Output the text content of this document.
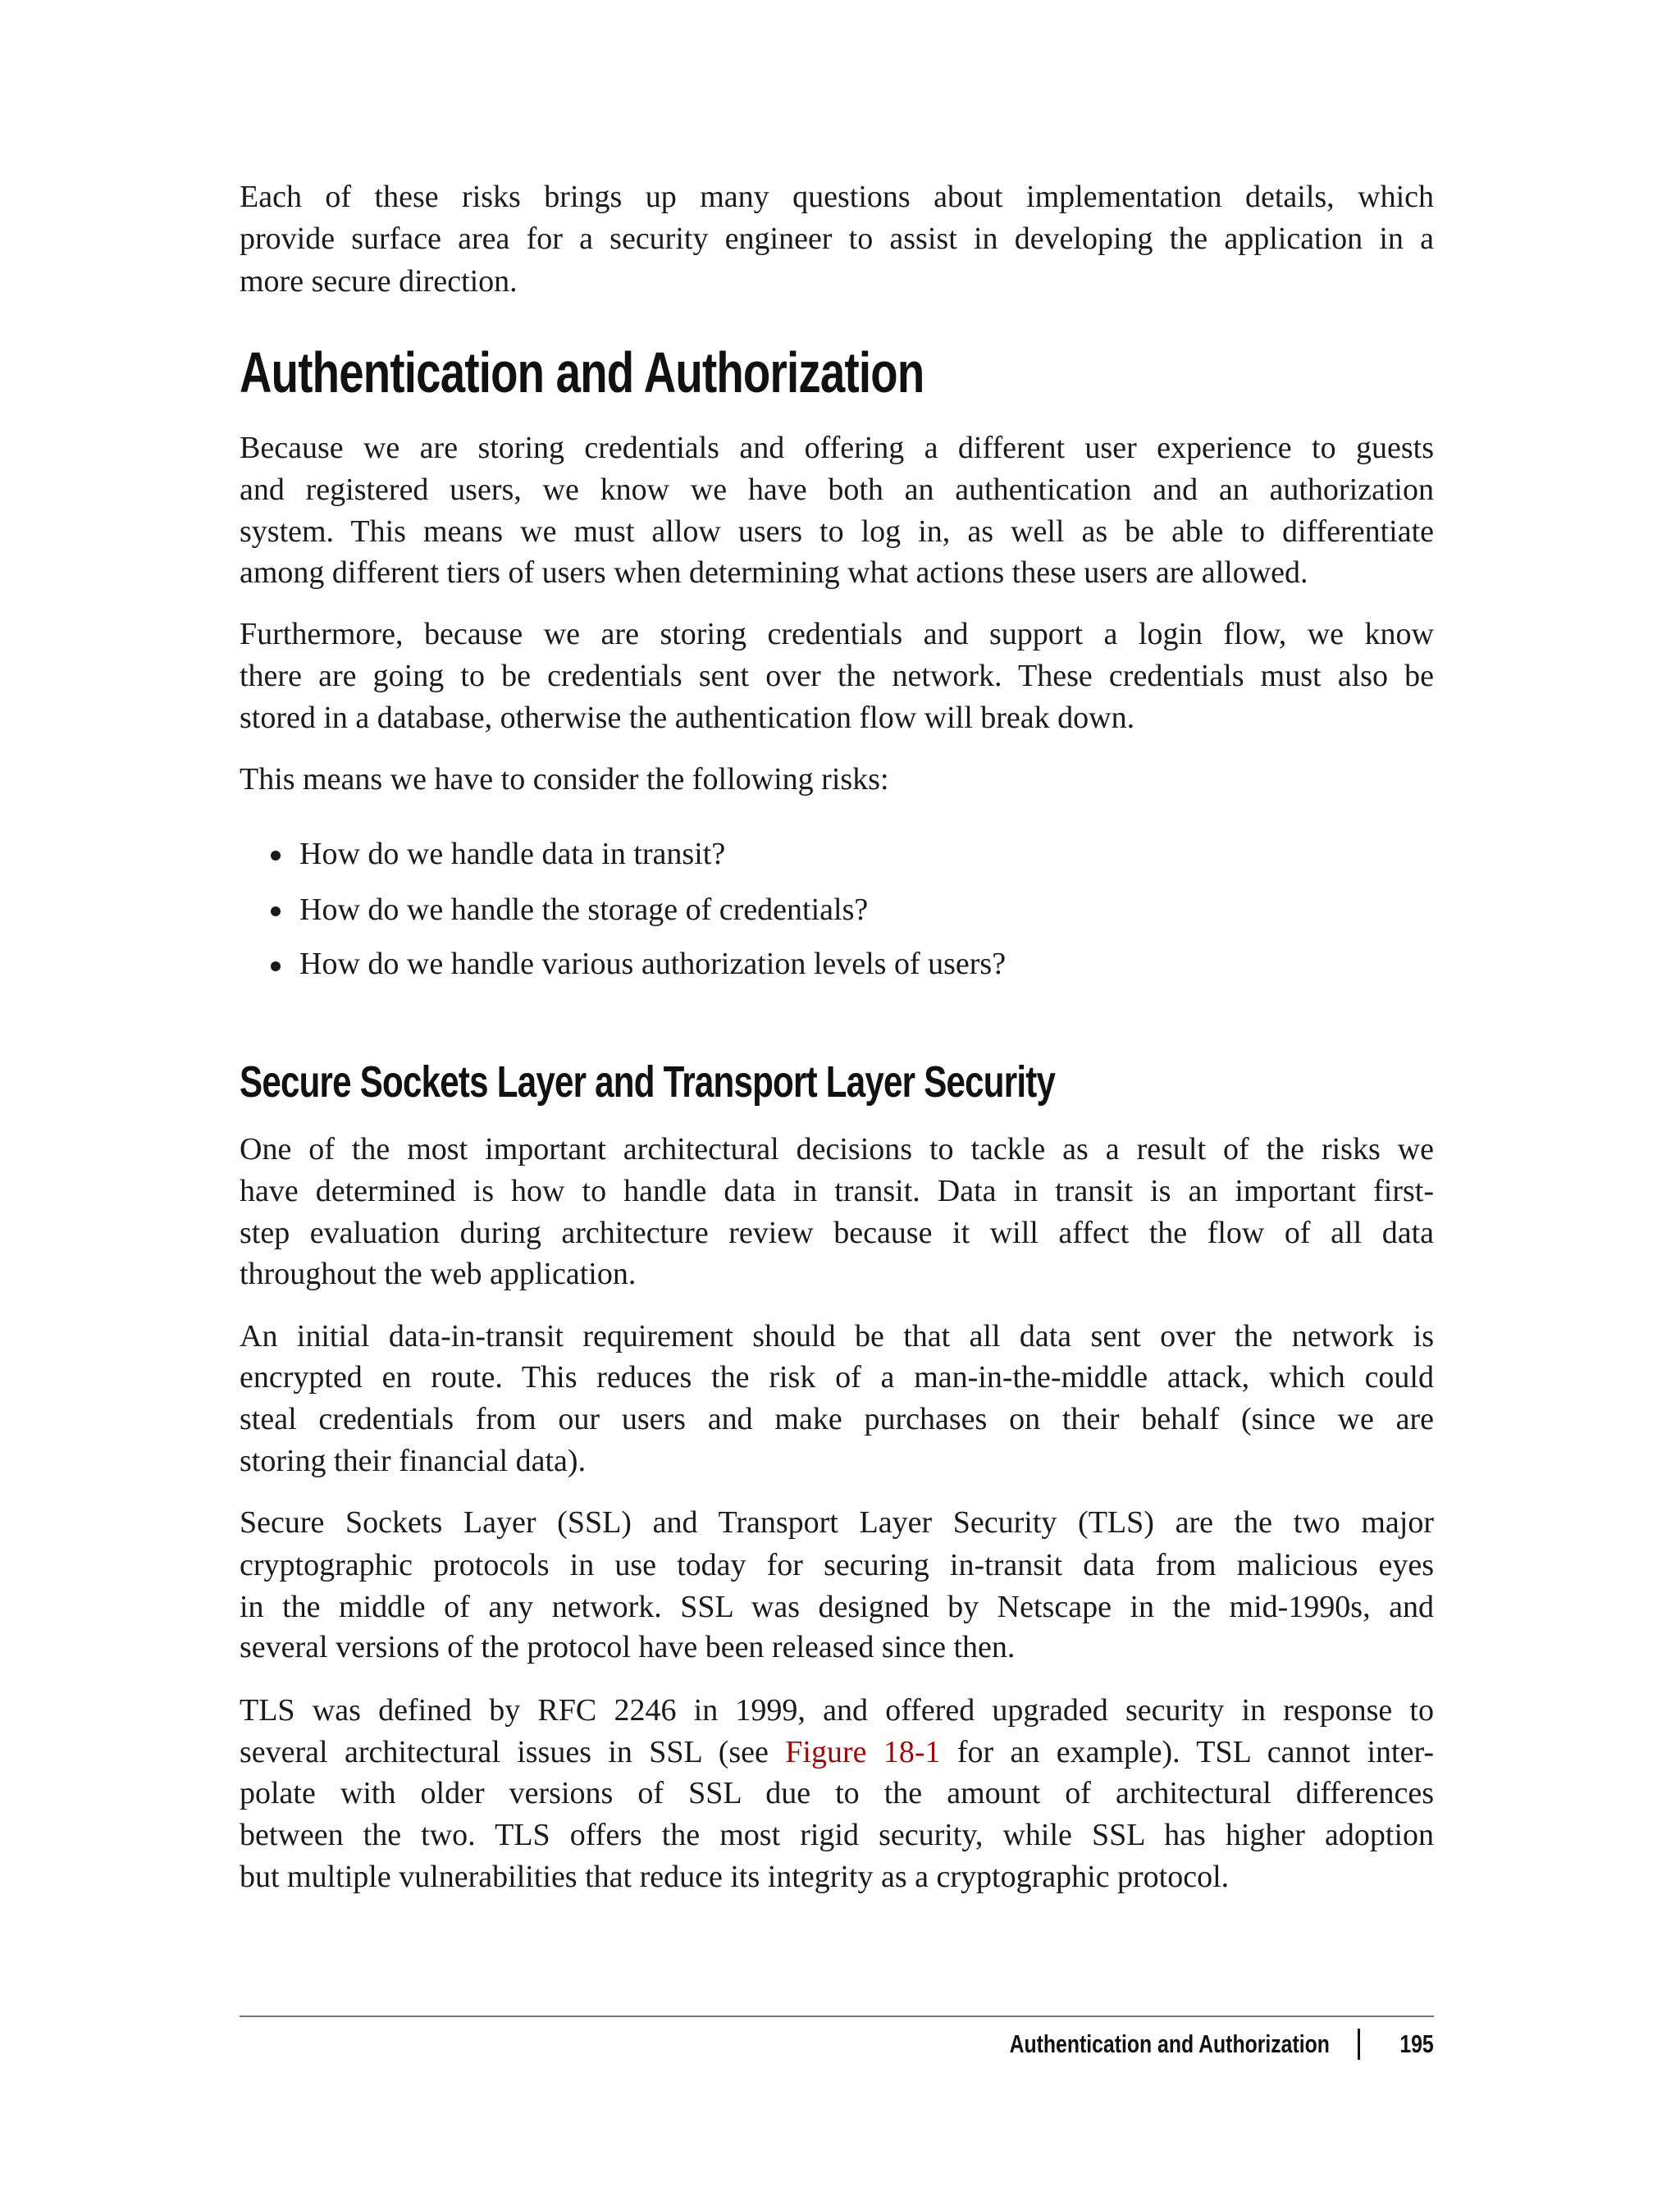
Each of these risks brings up many questions about implementation details, which
provide surface area for a security engineer to assist in developing the application in a
more secure direction.
Authentication and Authorization
Because we are storing credentials and offering a different user experience to guests
and registered users, we know we have both an authentication and an authorization
system. This means we must allow users to log in, as well as be able to differentiate
among different tiers of users when determining what actions these users are allowed.
Furthermore, because we are storing credentials and support a login flow, we know
there are going to be credentials sent over the network. These credentials must also be
stored in a database, otherwise the authentication flow will break down.
This means we have to consider the following risks:
How do we handle data in transit?
How do we handle the storage of credentials?
How do we handle various authorization levels of users?
Secure Sockets Layer and Transport Layer Security
One of the most important architectural decisions to tackle as a result of the risks we
have determined is how to handle data in transit. Data in transit is an important first-
step evaluation during architecture review because it will affect the flow of all data
throughout the web application.
An initial data-in-transit requirement should be that all data sent over the network is
encrypted en route. This reduces the risk of a man-in-the-middle attack, which could
steal credentials from our users and make purchases on their behalf (since we are
storing their financial data).
Secure Sockets Layer (SSL) and Transport Layer Security (TLS) are the two major
cryptographic protocols in use today for securing in-transit data from malicious eyes
in the middle of any network. SSL was designed by Netscape in the mid-1990s, and
several versions of the protocol have been released since then.
TLS was defined by RFC 2246 in 1999, and offered upgraded security in response to
several architectural issues in SSL (see Figure 18-1 for an example). TSL cannot inter-
polate with older versions of SSL due to the amount of architectural differences
between the two. TLS offers the most rigid security, while SSL has higher adoption
but multiple vulnerabilities that reduce its integrity as a cryptographic protocol.
Authentication and Authorization	195
